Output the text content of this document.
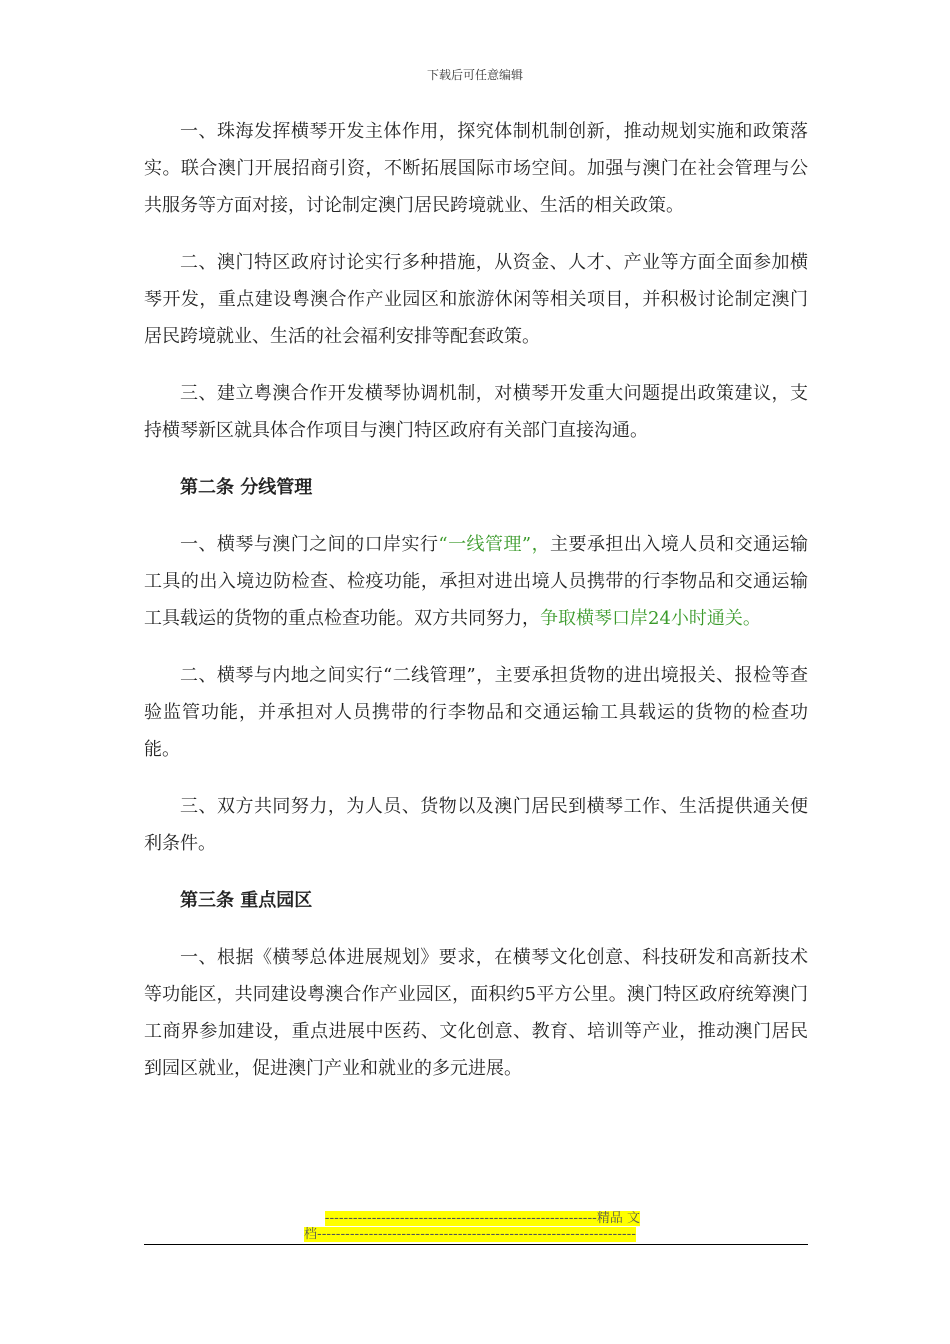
下载后可任意编辑

一、珠海发挥横琴开发主体作用，探究体制机制创新，推动规划实施和政策落实。联合澳门开展招商引资，不断拓展国际市场空间。加强与澳门在社会管理与公共服务等方面对接，讨论制定澳门居民跨境就业、生活的相关政策。

二、澳门特区政府讨论实行多种措施，从资金、人才、产业等方面全面参加横琴开发，重点建设粤澳合作产业园区和旅游休闲等相关项目，并积极讨论制定澳门居民跨境就业、生活的社会福利安排等配套政策。

三、建立粤澳合作开发横琴协调机制，对横琴开发重大问题提出政策建议，支持横琴新区就具体合作项目与澳门特区政府有关部门直接沟通。

第二条 分线管理

一、横琴与澳门之间的口岸实行“一线管理”，主要承担出入境人员和交通运输工具的出入境边防检查、检疫功能，承担对进出境人员携带的行李物品和交通运输工具载运的货物的重点检查功能。双方共同努力，争取横琴口岸24小时通关。

二、横琴与内地之间实行“二线管理”，主要承担货物的进出境报关、报检等查验监管功能，并承担对人员携带的行李物品和交通运输工具载运的货物的检查功能。

三、双方共同努力，为人员、货物以及澳门居民到横琴工作、生活提供通关便利条件。

第三条 重点园区

一、根据《横琴总体进展规划》要求，在横琴文化创意、科技研发和高新技术等功能区，共同建设粤澳合作产业园区，面积约5平方公里。澳门特区政府统筹澳门工商界参加建设，重点进展中医药、文化创意、教育、培训等产业，推动澳门居民到园区就业，促进澳门产业和就业的多元进展。

----------------------------------------------------------精品 文
档--------------------------------------------------------------------
